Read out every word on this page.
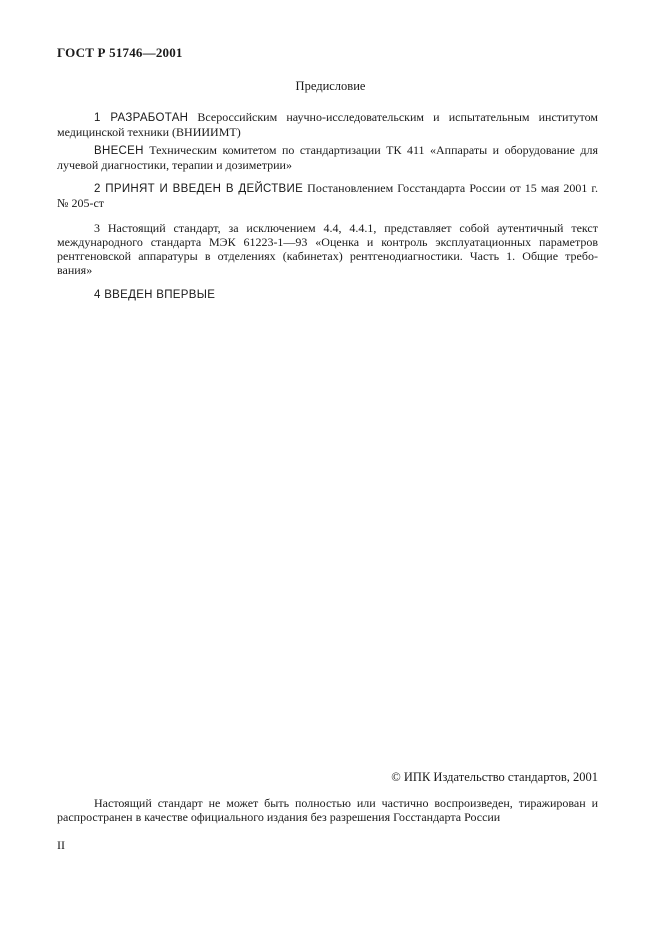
ГОСТ Р 51746—2001
Предисловие
1 РАЗРАБОТАН Всероссийским научно-исследовательским и испытательным институтом
медицинской техники (ВНИИИМТ)
ВНЕСЕН Техническим комитетом по стандартизации ТК 411 «Аппараты и оборудование для
лучевой диагностики, терапии и дозиметрии»
2 ПРИНЯТ И ВВЕДЕН В ДЕЙСТВИЕ Постановлением Госстандарта России от 15 мая 2001 г.
№ 205-ст
3 Настоящий стандарт, за исключением 4.4, 4.4.1, представляет собой аутентичный текст
международного стандарта МЭК 61223-1—93 «Оценка и контроль эксплуатационных параметров
рентгеновской аппаратуры в отделениях (кабинетах) рентгенодиагностики. Часть 1. Общие требо-
вания»
4 ВВЕДЕН ВПЕРВЫЕ
© ИПК Издательство стандартов, 2001
Настоящий стандарт не может быть полностью или частично воспроизведен, тиражирован и
распространен в качестве официального издания без разрешения Госстандарта России
II
